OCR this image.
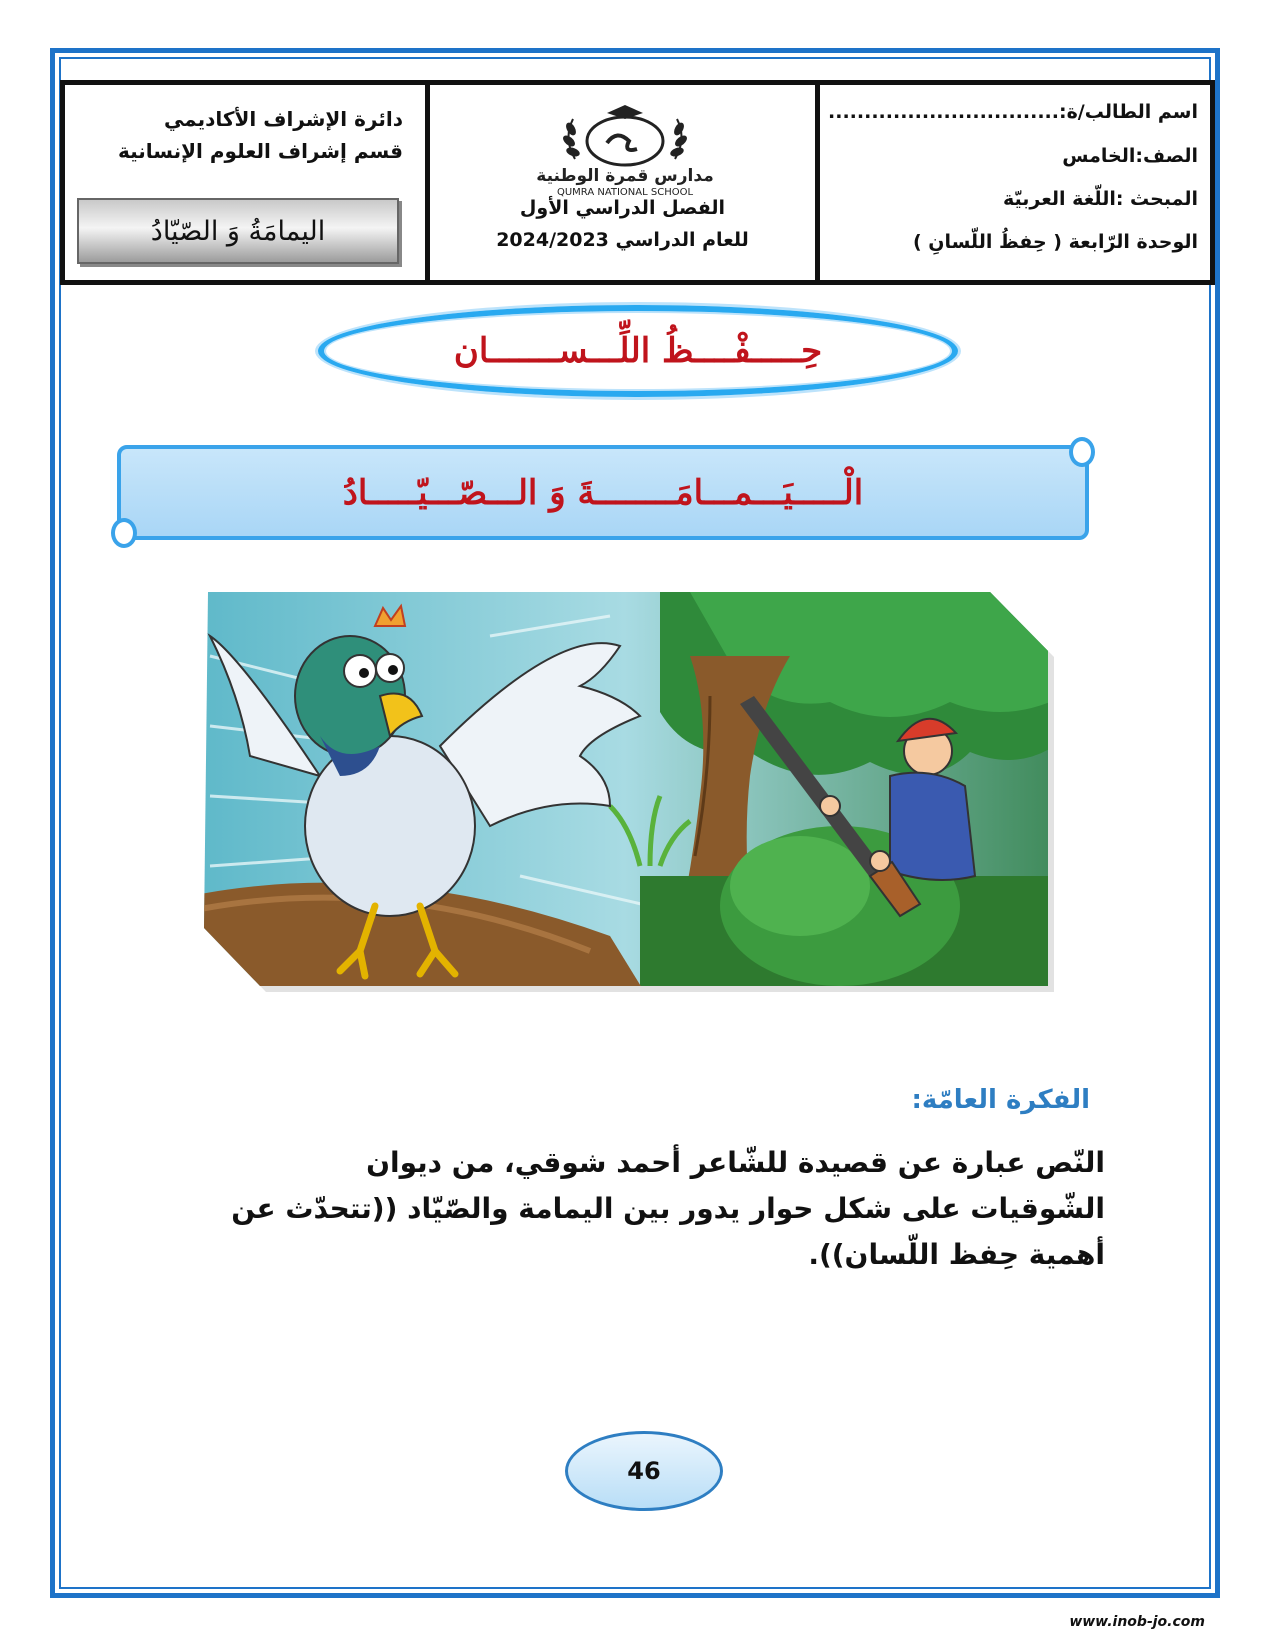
اسم الطالب/ة:................................
الصف:الخامس
المبحث :اللّغة العربيّة
الوحدة الرّابعة ( حِفظُ اللّسانِ )
مدارس قمرة الوطنية
QUMRA NATIONAL SCHOOL
الفصل الدراسي الأول
للعام الدراسي 2024/2023
دائرة الإشراف الأكاديمي
قسم إشراف العلوم الإنسانية
اليمامَةُ وَ الصّيّادُ
حِـــــفْــــظُ اللِّـــســـــــان
الْـــــيَـــمـــامَــــــــةَ وَ الـــصّـــيّـــــادُ
الفكرة العامّة:
النّص عبارة عن قصيدة للشّاعر أحمد شوقي، من ديوان الشّوقيات على شكل حوار يدور بين اليمامة والصّيّاد ((تتحدّث عن أهمية حِفظ اللّسان)).
46
www.inob-jo.com
